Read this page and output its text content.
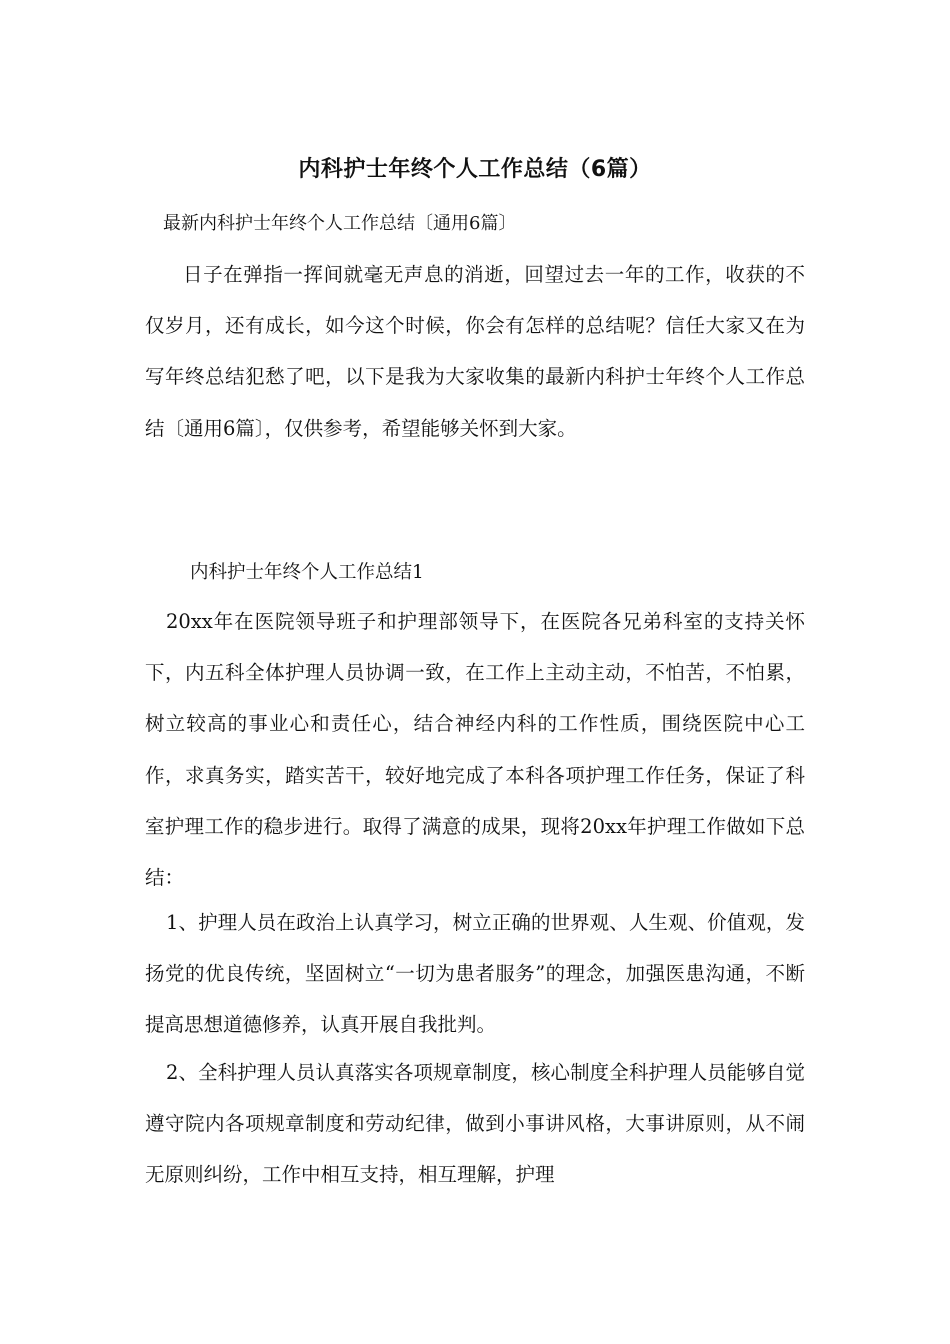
内科护士年终个人工作总结（6篇）
最新内科护士年终个人工作总结〔通用6篇〕
日子在弹指一挥间就毫无声息的消逝，回望过去一年的工作，收获的不仅岁月，还有成长，如今这个时候，你会有怎样的总结呢？信任大家又在为写年终总结犯愁了吧，以下是我为大家收集的最新内科护士年终个人工作总结〔通用6篇〕，仅供参考，希望能够关怀到大家。
内科护士年终个人工作总结1
20xx年在医院领导班子和护理部领导下，在医院各兄弟科室的支持关怀下，内五科全体护理人员协调一致，在工作上主动主动，不怕苦，不怕累，树立较高的事业心和责任心，结合神经内科的工作性质，围绕医院中心工作，求真务实，踏实苦干，较好地完成了本科各项护理工作任务，保证了科室护理工作的稳步进行。取得了满意的成果，现将20xx年护理工作做如下总结：
1、护理人员在政治上认真学习，树立正确的世界观、人生观、价值观，发扬党的优良传统，坚固树立“一切为患者服务”的理念，加强医患沟通，不断提高思想道德修养，认真开展自我批判。
2、全科护理人员认真落实各项规章制度，核心制度全科护理人员能够自觉遵守院内各项规章制度和劳动纪律，做到小事讲风格，大事讲原则，从不闹无原则纠纷，工作中相互支持，相互理解，护理
